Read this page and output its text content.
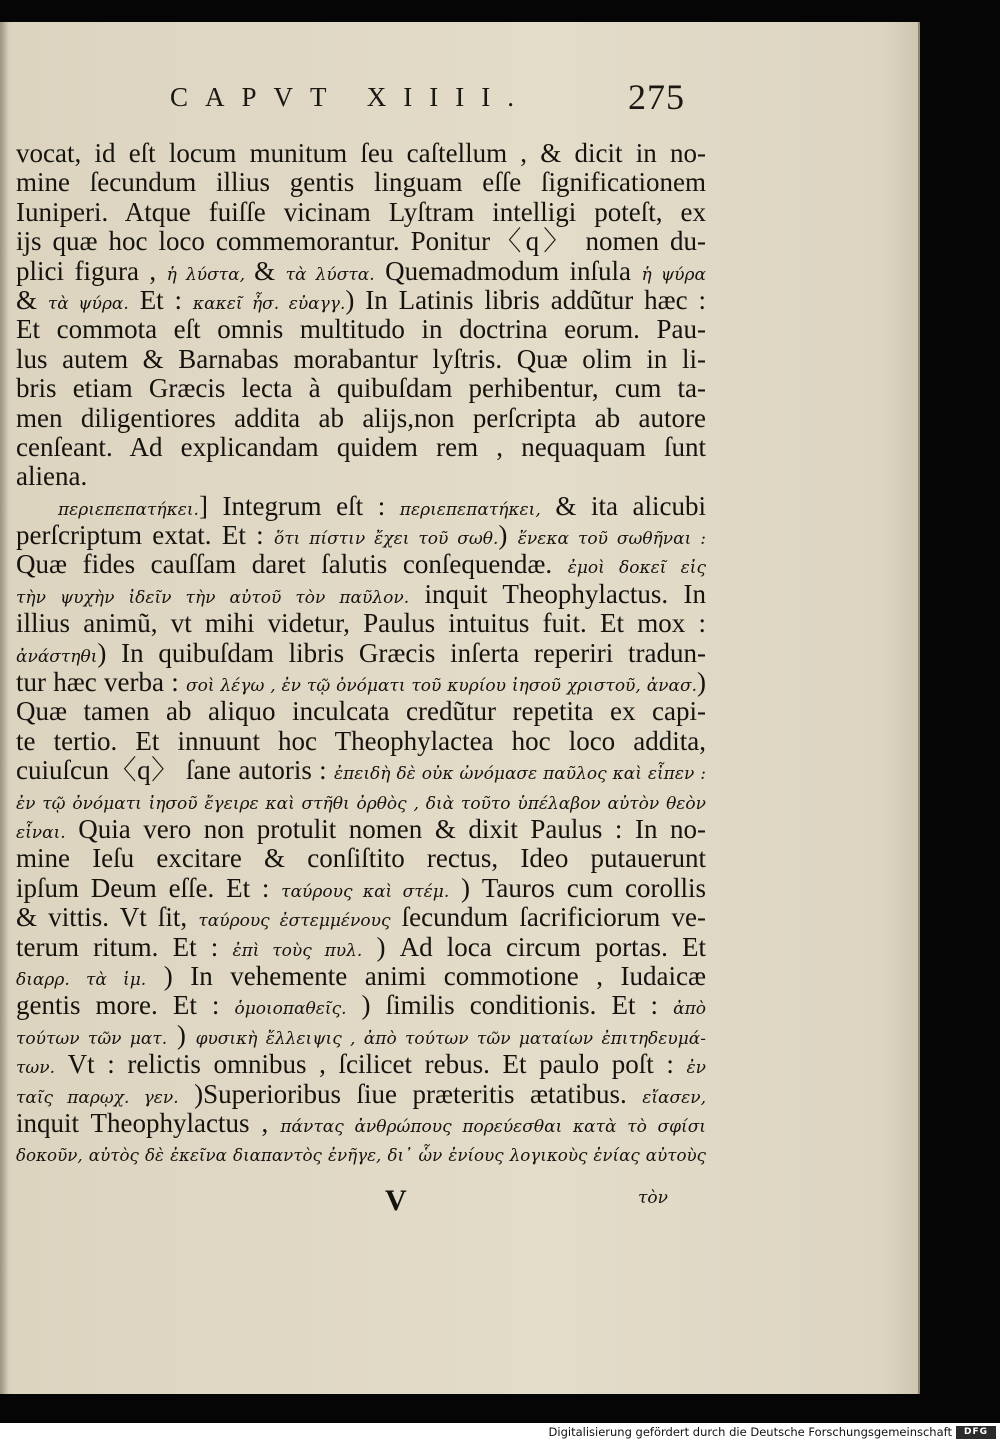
CAPVT XIIII.	275
vocat, id eſt locum munitum ſeu caſtellum , & dicit in no-
mine ſecundum illius gentis linguam eſſe ſignificationem
Iuniperi. Atque fuiſſe vicinam Lyſtram intelligi poteſt, ex
ijs quæ hoc loco commemorantur. Ponitur〈q〉 nomen du-
plici figura , ἡ λύστα, & τὰ λύστα. Quemadmodum inſula ἡ ψύρα
& τὰ ψύρα. Et : κακεῖ ἦσ. εὐαγγ.) In Latinis libris addũtur hæc :
Et commota eſt omnis multitudo in doctrina eorum. Pau-
lus autem & Barnabas morabantur lyſtris. Quæ olim in li-
bris etiam Græcis lecta à quibuſdam perhibentur, cum ta-
men diligentiores addita ab alijs,non perſcripta ab autore
cenſeant. Ad explicandam quidem rem , nequaquam ſunt
aliena.
περιεπεπατήκει.] Integrum eſt : περιεπεπατήκει, & ita alicubi
perſcriptum extat. Et : ὅτι πίστιν ἔχει τοῦ σωθ.) ἕνεκα τοῦ σωθῆναι :
Quæ fides cauſſam daret ſalutis conſequendæ. ἐμοὶ δοκεῖ εἰς
τὴν ψυχὴν ἰδεῖν τὴν αὐτοῦ τὸν παῦλον. inquit Theophylactus. In
illius animũ, vt mihi videtur, Paulus intuitus fuit. Et mox :
ἀνάστηθι) In quibuſdam libris Græcis inſerta reperiri tradun-
tur hæc verba : σοὶ λέγω , ἐν τῷ ὀνόματι τοῦ κυρίου ἰησοῦ χριστοῦ, ἀνασ.)
Quæ tamen ab aliquo inculcata credũtur repetita ex capi-
te tertio. Et innuunt hoc Theophylactea hoc loco addita,
cuiuſcun〈q〉 ſane autoris : ἐπειδὴ δὲ οὐκ ὠνόμασε παῦλος καὶ εἶπεν :
ἐν τῷ ὀνόματι ἰησοῦ ἔγειρε καὶ στῆθι ὀρθὸς , διὰ τοῦτο ὑπέλαβον αὐτὸν θεὸν
εἶναι. Quia vero non protulit nomen & dixit Paulus : In no-
mine Ieſu excitare & conſiſtito rectus, Ideo putauerunt
ipſum Deum eſſe. Et : ταύρους καὶ στέμ. ) Tauros cum corollis
& vittis. Vt ſit, ταύρους ἐστεμμένους ſecundum ſacrificiorum ve-
terum ritum. Et : ἐπὶ τοὺς πυλ. ) Ad loca circum portas. Et
διαρρ. τὰ ἱμ. ) In vehemente animi commotione , Iudaicæ
gentis more. Et : ὁμοιοπαθεῖς. ) ſimilis conditionis. Et : ἀπὸ
τούτων τῶν ματ. ) φυσικὴ ἔλλειψις , ἀπὸ τούτων τῶν ματαίων ἐπιτηδευμά-
των. Vt : relictis omnibus , ſcilicet rebus. Et paulo poſt : ἐν
ταῖς παρῳχ. γεν. )Superioribus ſiue præteritis ætatibus. εἴασεν,
inquit Theophylactus , πάντας ἀνθρώπους πορεύεσθαι κατὰ τὸ σφίσι
δοκοῦν, αὐτὸς δὲ ἐκεῖνα διαπαντὸς ἐνῆγε, δι᾽ ὧν ἐνίους λογικοὺς ἐνίας αὐτοὺς
V	τὸν
Digitalisierung gefördert durch die Deutsche Forschungsgemeinschaft	DFG
